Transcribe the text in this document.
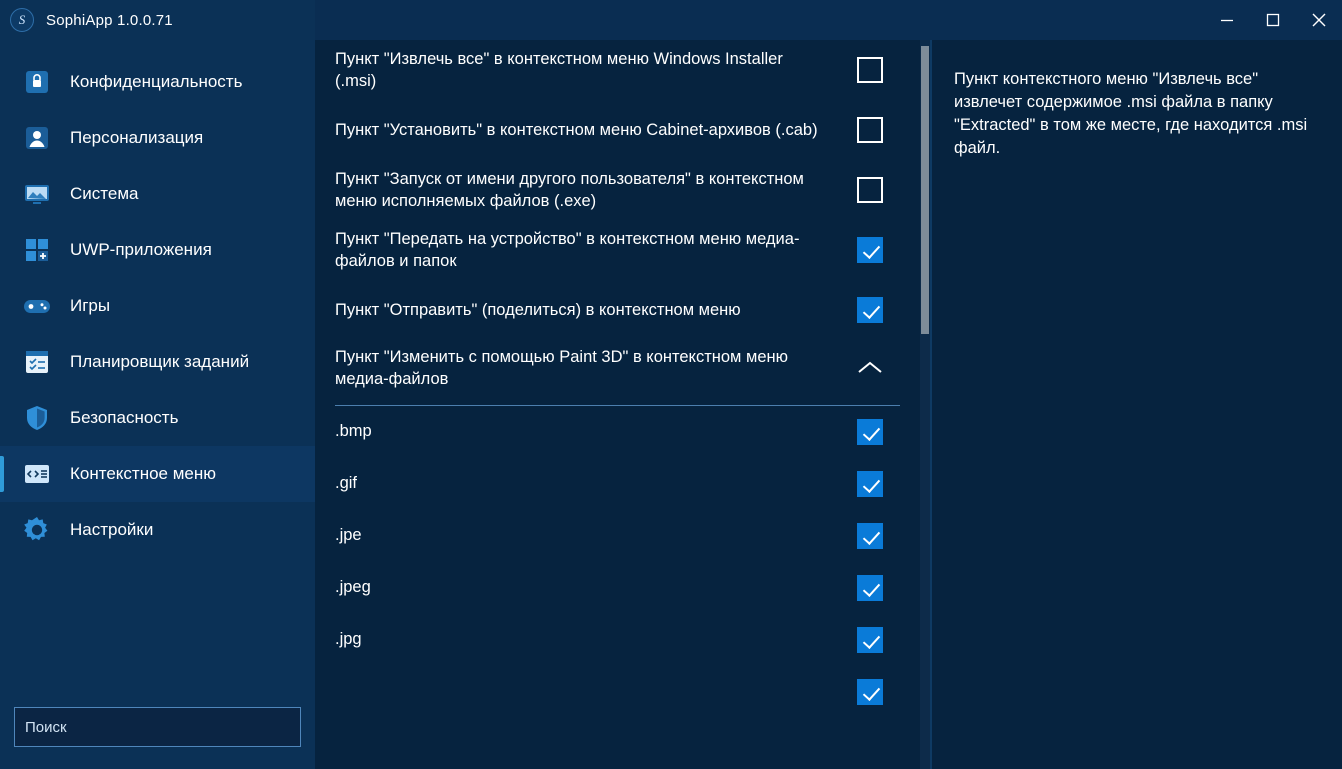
S SophiApp 1.0.0.71
Конфиденциальность
Персонализация
Система
UWP-приложения
Игры
Планировщик заданий
Безопасность
Контекстное меню
Настройки
Поиск
Пункт "Извлечь все" в контекстном меню Windows Installer (.msi)
Пункт "Установить" в контекстном меню Cabinet-архивов (.cab)
Пункт "Запуск от имени другого пользователя" в контекстном меню исполняемых файлов (.exe)
Пункт "Передать на устройство" в контекстном меню медиа-файлов и папок
Пункт "Отправить" (поделиться) в контекстном меню
Пункт "Изменить с помощью Paint 3D" в контекстном меню медиа-файлов
.bmp
.gif
.jpe
.jpeg
.jpg
Пункт контекстного меню "Извлечь все" извлечет содержимое .msi файла в папку "Extracted" в том же месте, где находится .msi файл.
